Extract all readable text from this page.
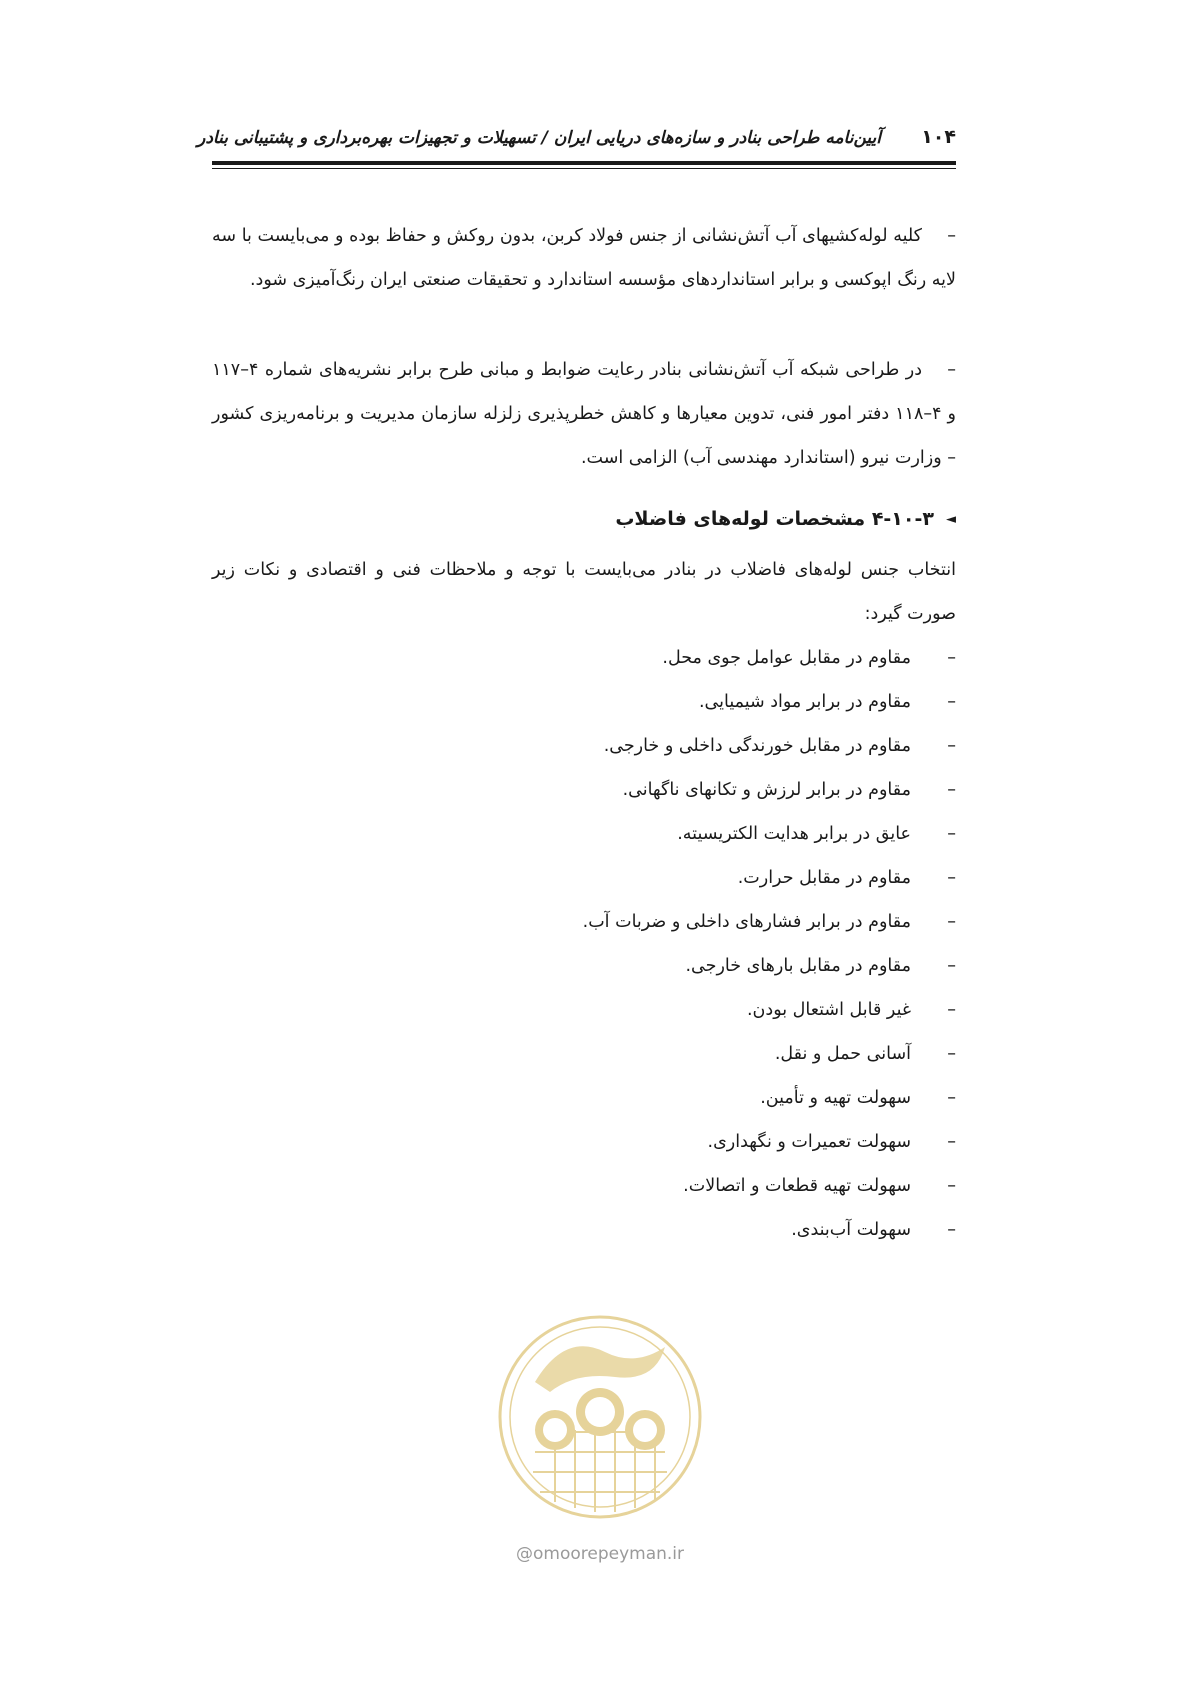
۱۰۴
آیین‌نامه طراحی بنادر و سازه‌های دریایی ایران / تسهیلات و تجهیزات بهره‌برداری و پشتیبانی بنادر
–کلیه لوله‌کشیهای آب آتش‌نشانی از جنس فولاد کربن، بدون روکش و حفاظ بوده و می‌بایست با سه لایه رنگ اپوکسی و برابر استانداردهای مؤسسه استاندارد و تحقیقات صنعتی ایران رنگ‌آمیزی شود.
–در طراحی شبکه آب آتش‌نشانی بنادر رعایت ضوابط و مبانی طرح برابر نشریه‌های شماره ۴–۱۱۷ و ۴–۱۱۸ دفتر امور فنی، تدوین معیارها و کاهش خطرپذیری زلزله سازمان مدیریت و برنامه‌ریزی کشور – وزارت نیرو (استاندارد مهندسی آب) الزامی است.
◄۴-۱۰-۳ مشخصات لوله‌های فاضلاب
انتخاب جنس لوله‌های فاضلاب در بنادر می‌بایست با توجه و ملاحظات فنی و اقتصادی و نکات زیر صورت گیرد:
–مقاوم در مقابل عوامل جوی محل.
–مقاوم در برابر مواد شیمیایی.
–مقاوم در مقابل خورندگی داخلی و خارجی.
–مقاوم در برابر لرزش و تکانهای ناگهانی.
–عایق در برابر هدایت الکتریسیته.
–مقاوم در مقابل حرارت.
–مقاوم در برابر فشارهای داخلی و ضربات آب.
–مقاوم در مقابل بارهای خارجی.
–غیر قابل اشتعال بودن.
–آسانی حمل و نقل.
–سهولت تهیه و تأمین.
–سهولت تعمیرات و نگهداری.
–سهولت تهیه قطعات و اتصالات.
–سهولت آب‌بندی.
@omoorepeyman.ir
